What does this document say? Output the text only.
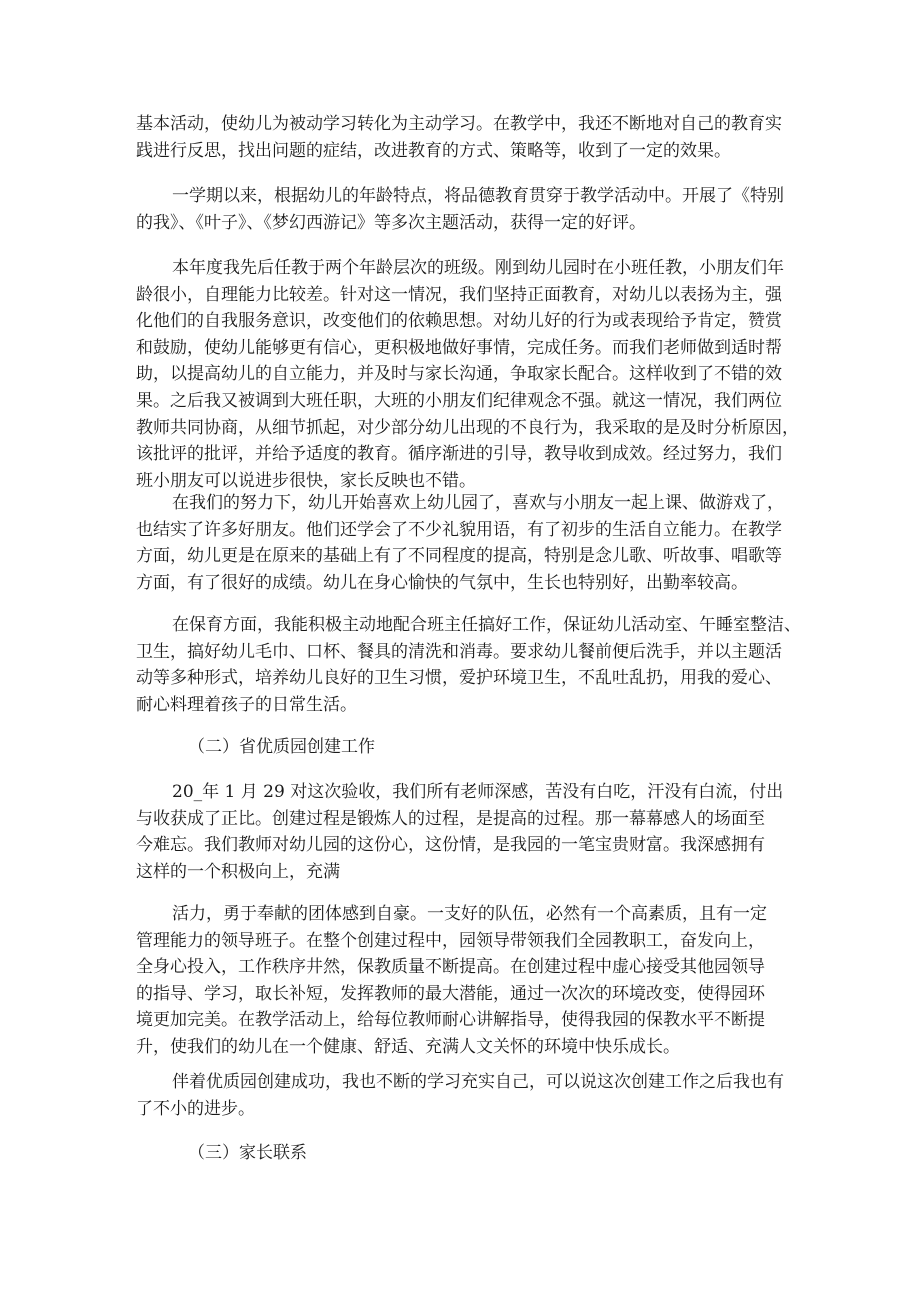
基本活动，使幼儿为被动学习转化为主动学习。在教学中，我还不断地对自己的教育实
践进行反思，找出问题的症结，改进教育的方式、策略等，收到了一定的效果。

一学期以来，根据幼儿的年龄特点，将品德教育贯穿于教学活动中。开展了《特别
的我》、《叶子》、《梦幻西游记》等多次主题活动，获得一定的好评。

本年度我先后任教于两个年龄层次的班级。刚到幼儿园时在小班任教，小朋友们年
龄很小，自理能力比较差。针对这一情况，我们坚持正面教育，对幼儿以表扬为主，强
化他们的自我服务意识，改变他们的依赖思想。对幼儿好的行为或表现给予肯定，赞赏
和鼓励，使幼儿能够更有信心，更积极地做好事情，完成任务。而我们老师做到适时帮
助，以提高幼儿的自立能力，并及时与家长沟通，争取家长配合。这样收到了不错的效
果。之后我又被调到大班任职，大班的小朋友们纪律观念不强。就这一情况，我们两位
教师共同协商，从细节抓起，对少部分幼儿出现的不良行为，我采取的是及时分析原因，
该批评的批评，并给予适度的教育。循序渐进的引导，教导收到成效。经过努力，我们
班小朋友可以说进步很快，家长反映也不错。

在我们的努力下，幼儿开始喜欢上幼儿园了，喜欢与小朋友一起上课、做游戏了，
也结实了许多好朋友。他们还学会了不少礼貌用语，有了初步的生活自立能力。在教学
方面，幼儿更是在原来的基础上有了不同程度的提高，特别是念儿歌、听故事、唱歌等
方面，有了很好的成绩。幼儿在身心愉快的气氛中，生长也特别好，出勤率较高。

在保育方面，我能积极主动地配合班主任搞好工作，保证幼儿活动室、午睡室整洁、
卫生，搞好幼儿毛巾、口杯、餐具的清洗和消毒。要求幼儿餐前便后洗手，并以主题活
动等多种形式，培养幼儿良好的卫生习惯，爱护环境卫生，不乱吐乱扔，用我的爱心、
耐心料理着孩子的日常生活。

（二）省优质园创建工作

20_年 1 月 29 对这次验收，我们所有老师深感，苦没有白吃，汗没有白流，付出
与收获成了正比。创建过程是锻炼人的过程，是提高的过程。那一幕幕感人的场面至
今难忘。我们教师对幼儿园的这份心，这份情，是我园的一笔宝贵财富。我深感拥有
这样的一个积极向上，充满

活力，勇于奉献的团体感到自豪。一支好的队伍，必然有一个高素质，且有一定
管理能力的领导班子。在整个创建过程中，园领导带领我们全园教职工，奋发向上，
全身心投入，工作秩序井然，保教质量不断提高。在创建过程中虚心接受其他园领导
的指导、学习，取长补短，发挥教师的最大潜能，通过一次次的环境改变，使得园环
境更加完美。在教学活动上，给每位教师耐心讲解指导，使得我园的保教水平不断提
升，使我们的幼儿在一个健康、舒适、充满人文关怀的环境中快乐成长。

伴着优质园创建成功，我也不断的学习充实自己，可以说这次创建工作之后我也有
了不小的进步。

（三）家长联系
